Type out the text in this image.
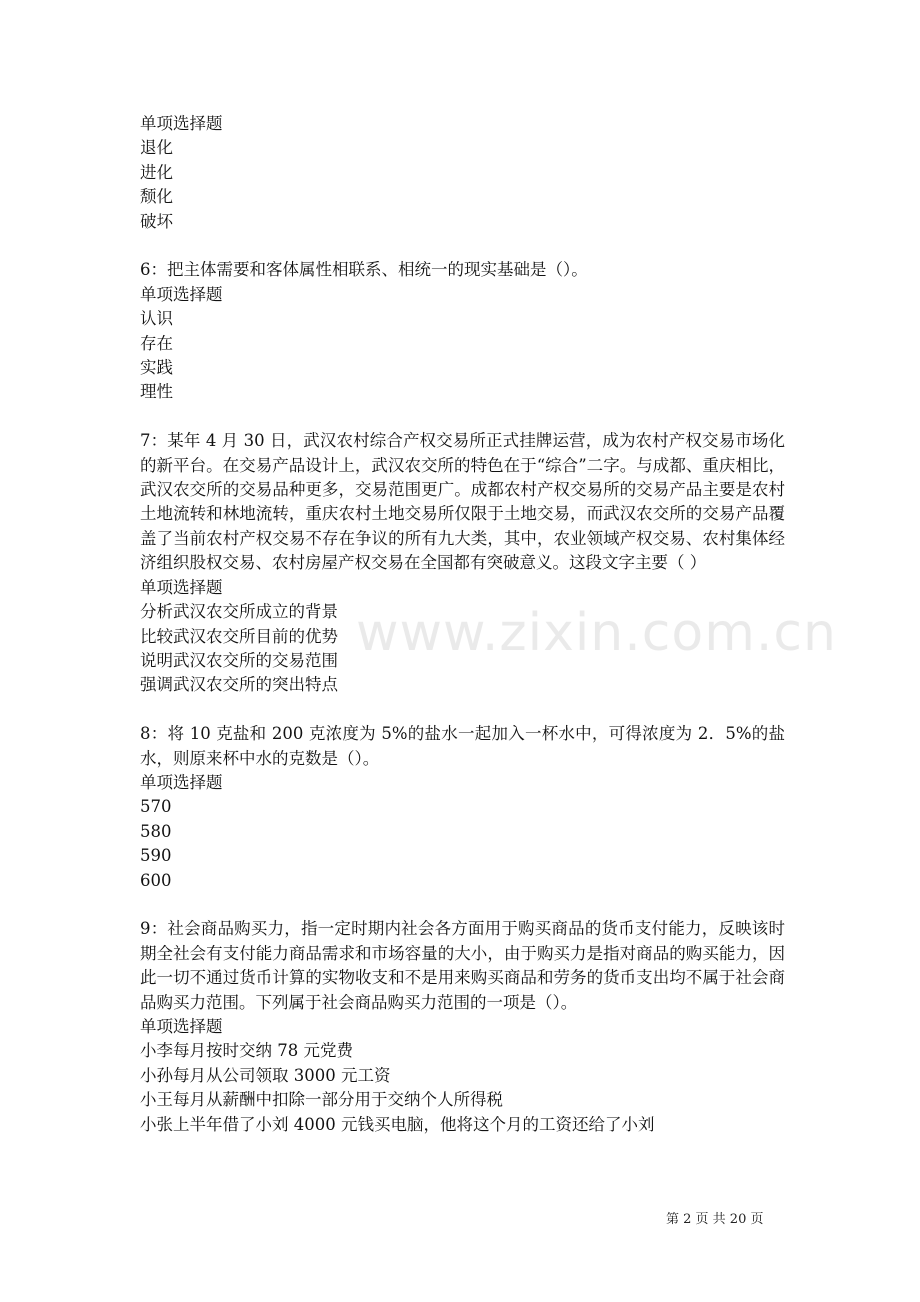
单项选择题
退化
进化
颓化
破坏
6：把主体需要和客体属性相联系、相统一的现实基础是（）。
单项选择题
认识
存在
实践
理性
7：某年 4 月 30 日，武汉农村综合产权交易所正式挂牌运营，成为农村产权交易市场化的新平台。在交易产品设计上，武汉农交所的特色在于“综合”二字。与成都、重庆相比，武汉农交所的交易品种更多，交易范围更广。成都农村产权交易所的交易产品主要是农村土地流转和林地流转，重庆农村土地交易所仅限于土地交易，而武汉农交所的交易产品覆盖了当前农村产权交易不存在争议的所有九大类，其中，农业领域产权交易、农村集体经济组织股权交易、农村房屋产权交易在全国都有突破意义。这段文字主要（ ）
单项选择题
分析武汉农交所成立的背景
比较武汉农交所目前的优势
说明武汉农交所的交易范围
强调武汉农交所的突出特点
8：将 10 克盐和 200 克浓度为 5%的盐水一起加入一杯水中，可得浓度为 2．5%的盐水，则原来杯中水的克数是（）。
单项选择题
570
580
590
600
9：社会商品购买力，指一定时期内社会各方面用于购买商品的货币支付能力，反映该时期全社会有支付能力商品需求和市场容量的大小，由于购买力是指对商品的购买能力，因此一切不通过货币计算的实物收支和不是用来购买商品和劳务的货币支出均不属于社会商品购买力范围。下列属于社会商品购买力范围的一项是（）。
单项选择题
小李每月按时交纳 78 元党费
小孙每月从公司领取 3000 元工资
小王每月从薪酬中扣除一部分用于交纳个人所得税
小张上半年借了小刘 4000 元钱买电脑，他将这个月的工资还给了小刘
www.zixin.com.cn
第 2 页 共 20 页
